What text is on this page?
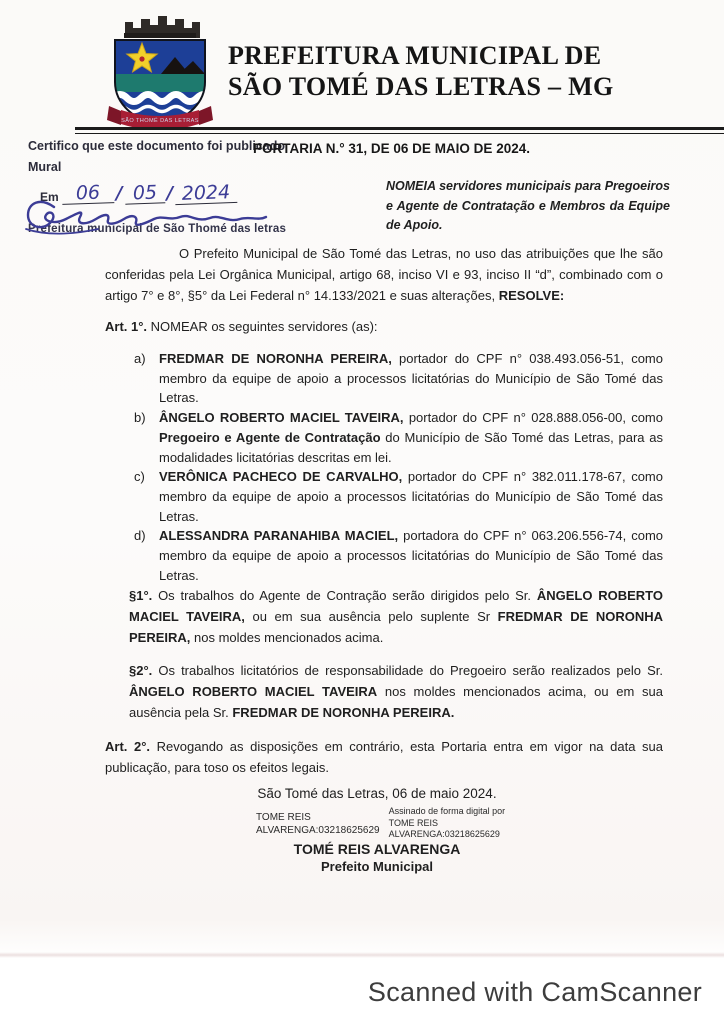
SÃO THOMÉ DAS LETRAS
PREFEITURA MUNICIPAL DE
SÃO TOMÉ DAS LETRAS – MG
Certifico que este documento foi publicado
Mural
Em
06 / 05 / 2024
Prefeitura municipal de São Thomé das letras
PORTARIA N.° 31, DE 06 DE MAIO DE 2024.
NOMEIA servidores municipais para Pregoeiros e Agente de Contratação e Membros da Equipe de Apoio.
O Prefeito Municipal de São Tomé das Letras, no uso das atribuições que lhe são conferidas pela Lei Orgânica Municipal, artigo 68, inciso VI e 93, inciso II “d”, combinado com o artigo 7° e 8°, §5° da Lei Federal n° 14.133/2021 e suas alterações, RESOLVE:
Art. 1°. NOMEAR os seguintes servidores (as):
a)	FREDMAR DE NORONHA PEREIRA, portador do CPF n° 038.493.056-51, como membro da equipe de apoio a processos licitatórias do Município de São Tomé das Letras.
b)	ÂNGELO ROBERTO MACIEL TAVEIRA, portador do CPF n° 028.888.056-00, como Pregoeiro e Agente de Contratação do Município de São Tomé das Letras, para as modalidades licitatórias descritas em lei.
c)	VERÔNICA PACHECO DE CARVALHO, portador do CPF n° 382.011.178-67, como membro da equipe de apoio a processos licitatórias do Município de São Tomé das Letras.
d)	ALESSANDRA PARANAHIBA MACIEL, portadora do CPF n° 063.206.556-74, como membro da equipe de apoio a processos licitatórias do Município de São Tomé das Letras.
§1°. Os trabalhos do Agente de Contração serão dirigidos pelo Sr. ÂNGELO ROBERTO MACIEL TAVEIRA, ou em sua ausência pelo suplente Sr FREDMAR DE NORONHA PEREIRA, nos moldes mencionados acima.
§2°. Os trabalhos licitatórios de responsabilidade do Pregoeiro serão realizados pelo Sr. ÂNGELO ROBERTO MACIEL TAVEIRA nos moldes mencionados acima, ou em sua ausência pela Sr. FREDMAR DE NORONHA PEREIRA.
Art. 2°. Revogando as disposições em contrário, esta Portaria entra em vigor na data sua publicação, para toso os efeitos legais.
São Tomé das Letras, 06 de maio 2024.
TOME REIS
ALVARENGA:03218625629
Assinado de forma digital por
TOME REIS
ALVARENGA:03218625629
TOMÉ REIS ALVARENGA
Prefeito Municipal
Scanned with CamScanner
